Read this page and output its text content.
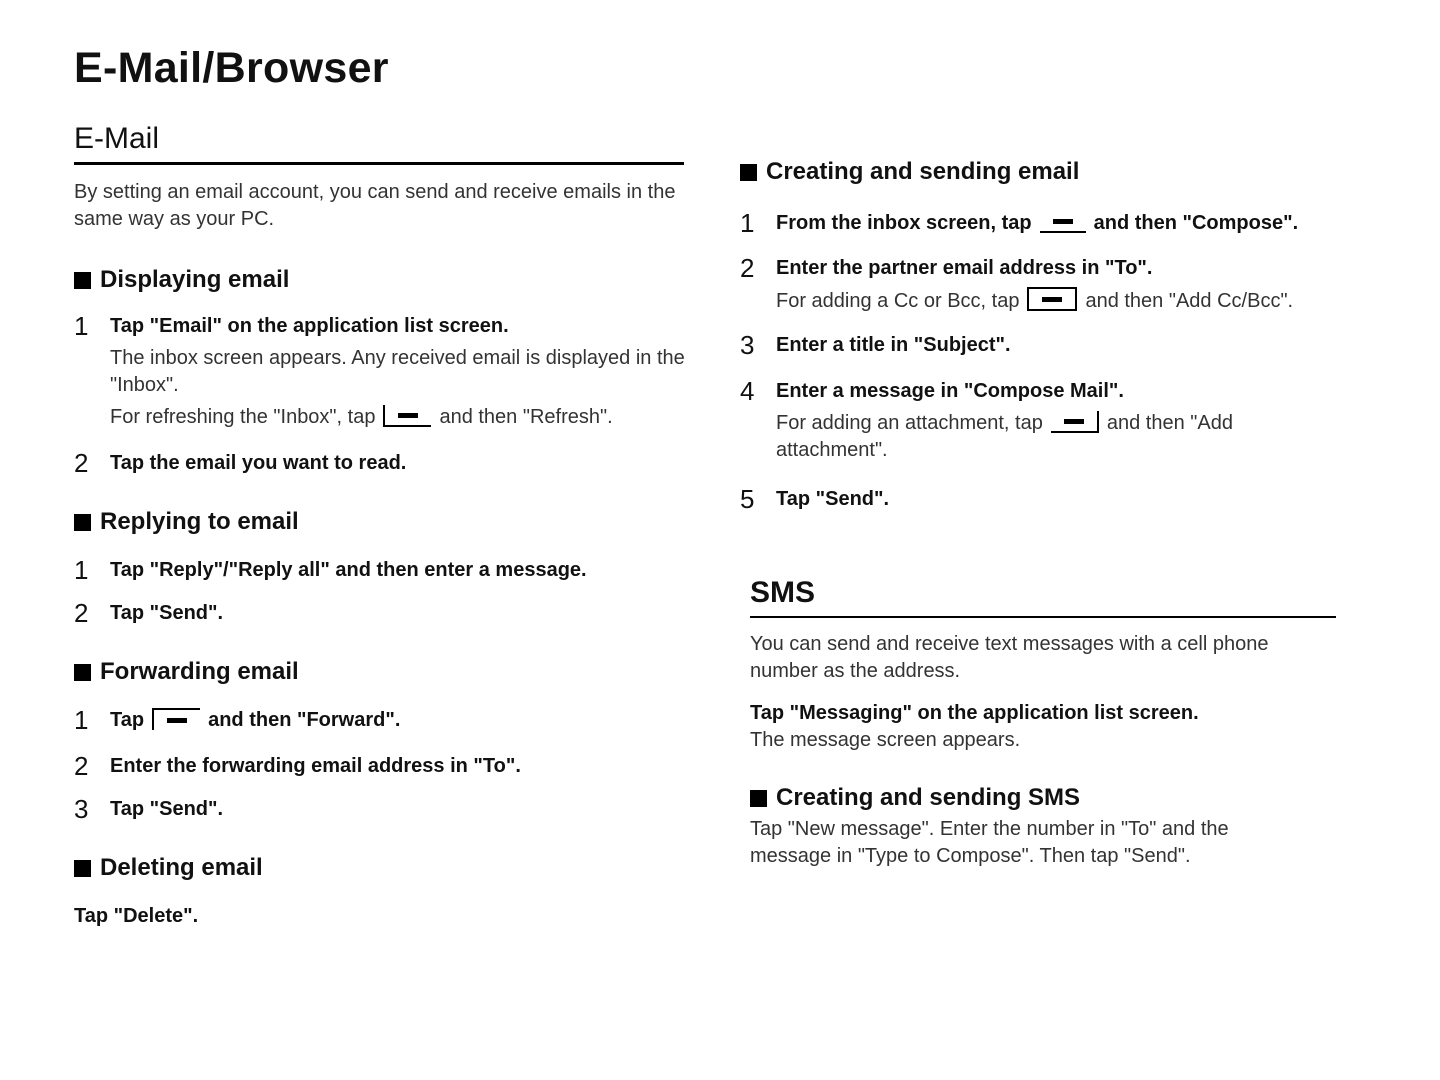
E-Mail/Browser
E-Mail
By setting an email account, you can send and receive emails in the same way as your PC.
Displaying email
1	Tap "Email" on the application list screen.
The inbox screen appears. Any received email is displayed in the "Inbox".
For refreshing the "Inbox", tap	and then "Refresh".
2	Tap the email you want to read.
Replying to email
1	Tap "Reply"/"Reply all" and then enter a message.
2	Tap "Send".
Forwarding email
1	Tap	and then "Forward".
2	Enter the forwarding email address in "To".
3	Tap "Send".
Deleting email
Tap "Delete".
Creating and sending email
1	From the inbox screen, tap	and then "Compose".
2	Enter the partner email address in "To".
For adding a Cc or Bcc, tap	and then "Add Cc/Bcc".
3	Enter a title in "Subject".
4	Enter a message in "Compose Mail".
For adding an attachment, tap	and then "Add attachment".
5	Tap "Send".
SMS
You can send and receive text messages with a cell phone number as the address.
Tap "Messaging" on the application list screen.
The message screen appears.
Creating and sending SMS
Tap "New message". Enter the number in "To" and the message in "Type to Compose". Then tap "Send".
